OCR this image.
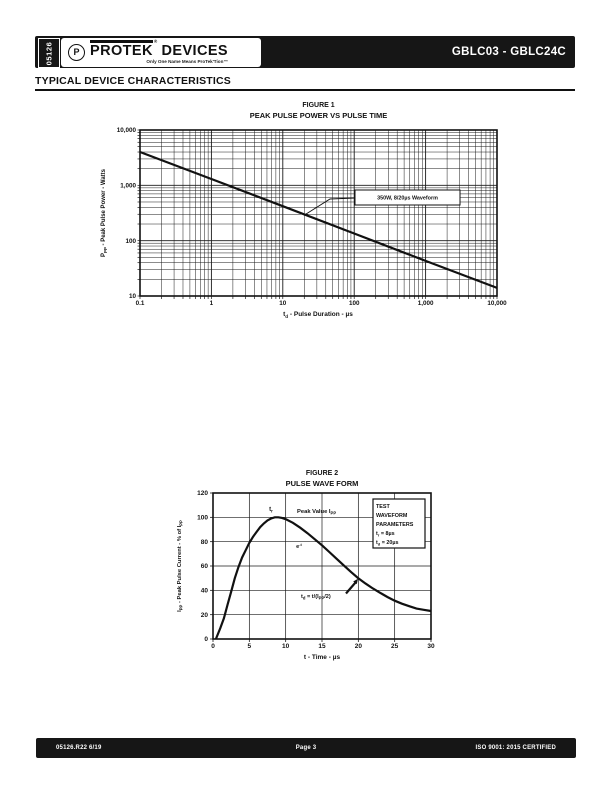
05126	P PROTEK
®
DEVICES
Only One Name Means ProTek'Tion™
GBLC03 - GBLC24C
TYPICAL DEVICE CHARACTERISTICS
FIGURE 1
PEAK PULSE POWER VS PULSE TIME
350W, 8/20µs Waveform
0.1	1	10	100	1,000	10,000
10,000
1,000
100
10
$t_d$ - Pulse Duration - µs
$P_{PP}$ - Peak Pulse Power - Watts
FIGURE 2
PULSE WAVE FORM
$t_r$	Peak Value $I_{PP}$
$e^{-t}$
$t_d = t/(I_{PP}/2)$
TEST
WAVEFORM
PARAMETERS
$t_r = 8\mu s$
$t_d = 20\mu s$
0	5	10	15	20	25	30
0
20
40
60
80
100
120
t - Time - µs
$I_{PP}$ - Peak Pulse Current - % of $I_{PP}$
05126.R22 6/19	Page 3	ISO 9001: 2015 CERTIFIED
